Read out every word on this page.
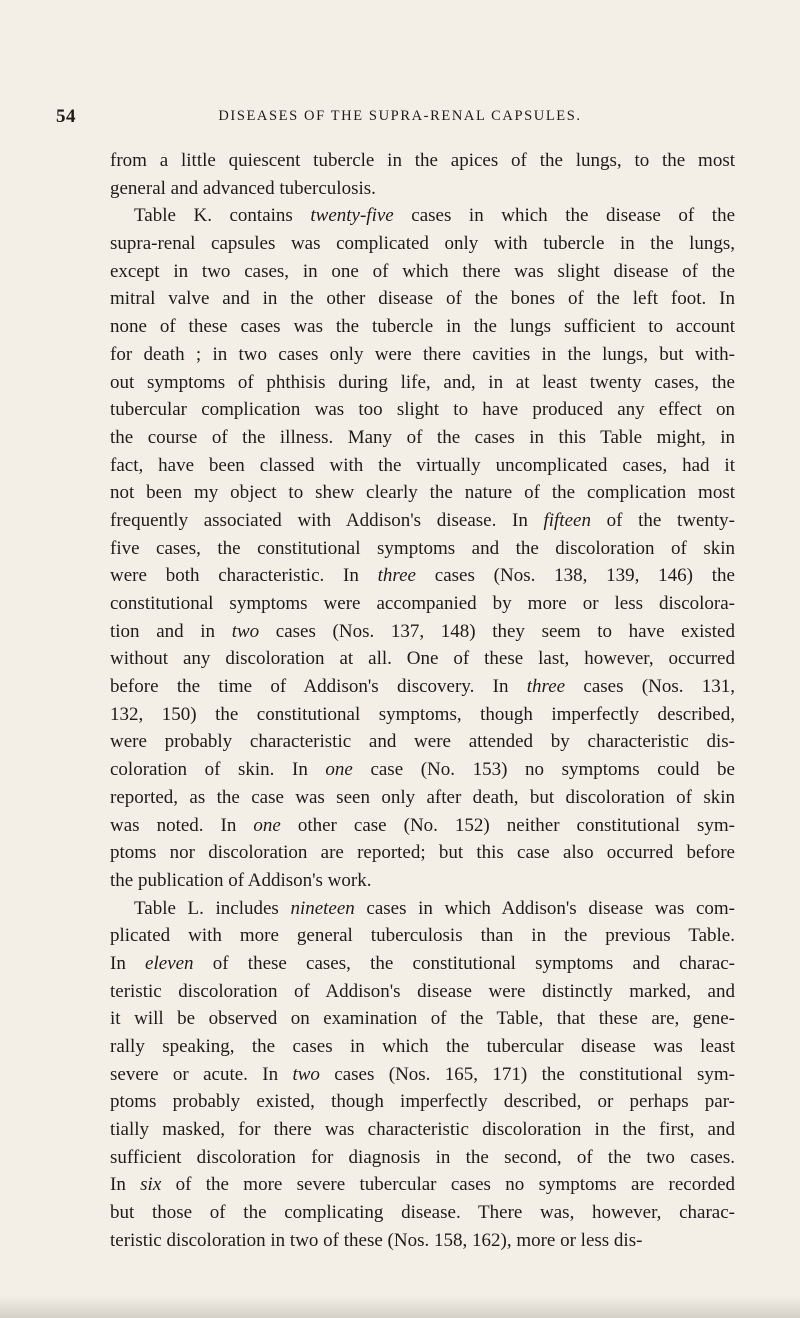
54	DISEASES OF THE SUPRA-RENAL CAPSULES.
from a little quiescent tubercle in the apices of the lungs, to the most
general and advanced tuberculosis.
Table K. contains twenty-five cases in which the disease of the
supra-renal capsules was complicated only with tubercle in the lungs,
except in two cases, in one of which there was slight disease of the
mitral valve and in the other disease of the bones of the left foot. In
none of these cases was the tubercle in the lungs sufficient to account
for death ; in two cases only were there cavities in the lungs, but with-
out symptoms of phthisis during life, and, in at least twenty cases, the
tubercular complication was too slight to have produced any effect on
the course of the illness. Many of the cases in this Table might, in
fact, have been classed with the virtually uncomplicated cases, had it
not been my object to shew clearly the nature of the complication most
frequently associated with Addison's disease. In fifteen of the twenty-
five cases, the constitutional symptoms and the discoloration of skin
were both characteristic. In three cases (Nos. 138, 139, 146) the
constitutional symptoms were accompanied by more or less discolora-
tion and in two cases (Nos. 137, 148) they seem to have existed
without any discoloration at all. One of these last, however, occurred
before the time of Addison's discovery. In three cases (Nos. 131,
132, 150) the constitutional symptoms, though imperfectly described,
were probably characteristic and were attended by characteristic dis-
coloration of skin. In one case (No. 153) no symptoms could be
reported, as the case was seen only after death, but discoloration of skin
was noted. In one other case (No. 152) neither constitutional sym-
ptoms nor discoloration are reported; but this case also occurred before
the publication of Addison's work.
Table L. includes nineteen cases in which Addison's disease was com-
plicated with more general tuberculosis than in the previous Table.
In eleven of these cases, the constitutional symptoms and charac-
teristic discoloration of Addison's disease were distinctly marked, and
it will be observed on examination of the Table, that these are, gene-
rally speaking, the cases in which the tubercular disease was least
severe or acute. In two cases (Nos. 165, 171) the constitutional sym-
ptoms probably existed, though imperfectly described, or perhaps par-
tially masked, for there was characteristic discoloration in the first, and
sufficient discoloration for diagnosis in the second, of the two cases.
In six of the more severe tubercular cases no symptoms are recorded
but those of the complicating disease. There was, however, charac-
teristic discoloration in two of these (Nos. 158, 162), more or less dis-
